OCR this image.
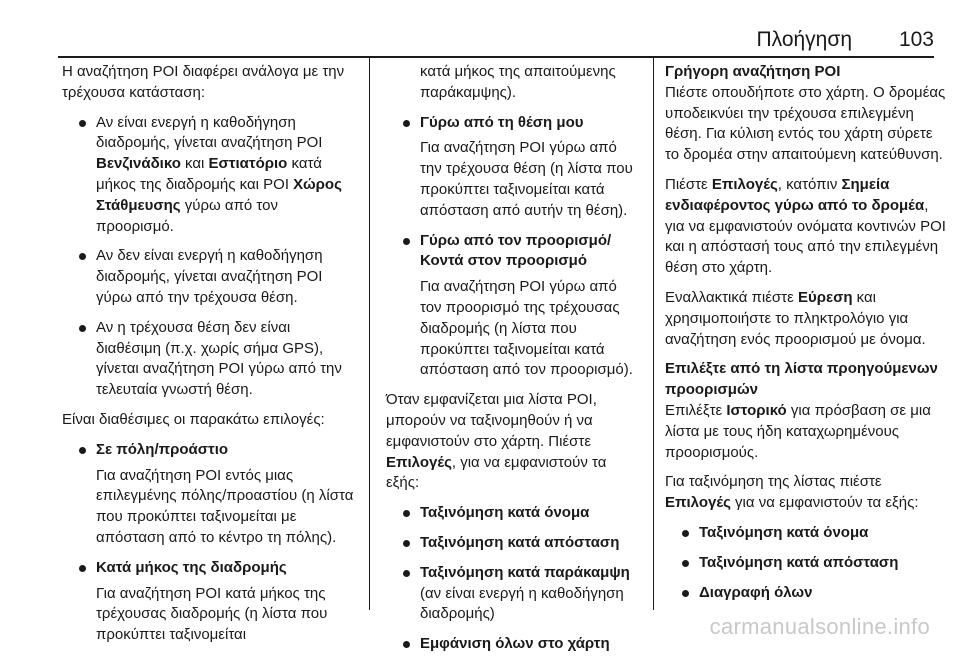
Πλοήγηση 103

Η αναζήτηση POI διαφέρει ανάλογα με την τρέχουσα κατάσταση:

Αν είναι ενεργή η καθοδήγηση διαδρομής, γίνεται αναζήτηση POI Βενζινάδικο και Εστιατόριο κατά μήκος της διαδρομής και POI Χώρος Στάθμευσης γύρω από τον προορισμό.
Αν δεν είναι ενεργή η καθοδήγηση διαδρομής, γίνεται αναζήτηση POI γύρω από την τρέχουσα θέση.
Αν η τρέχουσα θέση δεν είναι διαθέσιμη (π.χ. χωρίς σήμα GPS), γίνεται αναζήτηση POI γύρω από την τελευταία γνωστή θέση.

Είναι διαθέσιμες οι παρακάτω επιλογές:

Σε πόλη/προάστιο
Για αναζήτηση POI εντός μιας επιλεγμένης πόλης/προαστίου (η λίστα που προκύπτει ταξινομείται με απόσταση από το κέντρο τη πόλης).
Κατά μήκος της διαδρομής
Για αναζήτηση POI κατά μήκος της τρέχουσας διαδρομής (η λίστα που προκύπτει ταξινομείται
κατά μήκος της απαιτούμενης παράκαμψης).
Γύρω από τη θέση μου
Για αναζήτηση POI γύρω από την τρέχουσα θέση (η λίστα που προκύπτει ταξινομείται κατά απόσταση από αυτήν τη θέση).
Γύρω από τον προορισμό/Κοντά στον προορισμό
Για αναζήτηση POI γύρω από τον προορισμό της τρέχουσας διαδρομής (η λίστα που προκύπτει ταξινομείται κατά απόσταση από τον προορισμό).

Όταν εμφανίζεται μια λίστα POI, μπορούν να ταξινομηθούν ή να εμφανιστούν στο χάρτη. Πιέστε Επιλογές, για να εμφανιστούν τα εξής:

Ταξινόμηση κατά όνομα
Ταξινόμηση κατά απόσταση
Ταξινόμηση κατά παράκαμψη
(αν είναι ενεργή η καθοδήγηση διαδρομής)
Εμφάνιση όλων στο χάρτη
Γρήγορη αναζήτηση POI

Πιέστε οπουδήποτε στο χάρτη. Ο δρομέας υποδεικνύει την τρέχουσα επιλεγμένη θέση. Για κύλιση εντός του χάρτη σύρετε το δρομέα στην απαιτούμενη κατεύθυνση.

Πιέστε Επιλογές, κατόπιν Σημεία ενδιαφέροντος γύρω από το δρομέα, για να εμφανιστούν ονόματα κοντινών POI και η απόστασή τους από την επιλεγμένη θέση στο χάρτη.

Εναλλακτικά πιέστε Εύρεση και χρησιμοποιήστε το πληκτρολόγιο για αναζήτηση ενός προορισμού με όνομα.

Επιλέξτε από τη λίστα προηγούμενων προορισμών

Επιλέξτε Ιστορικό για πρόσβαση σε μια λίστα με τους ήδη καταχωρημένους προορισμούς.

Για ταξινόμηση της λίστας πιέστε Επιλογές για να εμφανιστούν τα εξής:

Ταξινόμηση κατά όνομα
Ταξινόμηση κατά απόσταση
Διαγραφή όλων
carmanualsonline.info
